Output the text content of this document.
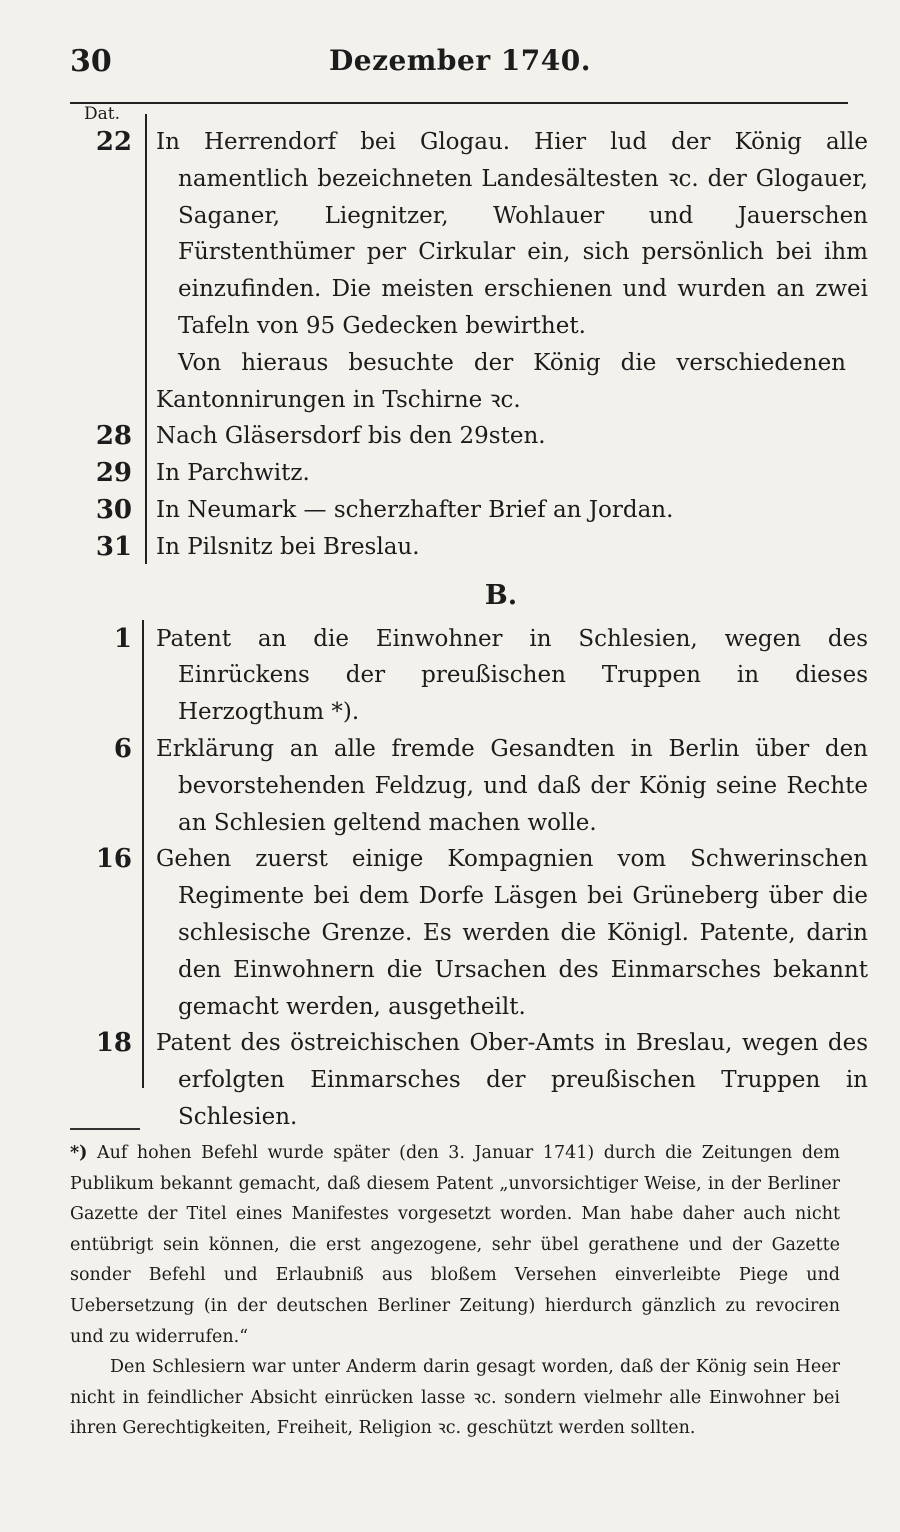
30	Dezember 1740.
Dat.
22 In Herrendorf bei Glogau. Hier lud der König alle namentlich bezeichneten Landesältesten ꝛc. der Glogauer, Saganer, Liegnitzer, Wohlauer und Jauerschen Fürstenthümer per Cirkular ein, sich persönlich bei ihm einzufinden. Die meisten erschienen und wurden an zwei Tafeln von 95 Gedecken bewirthet.
Von hieraus besuchte der König die verschiedenen Kantonnirungen in Tschirne ꝛc.
28 Nach Gläsersdorf bis den 29sten.
29 In Parchwitz.
30 In Neumark — scherzhafter Brief an Jordan.
31 In Pilsnitz bei Breslau.
B.
1 Patent an die Einwohner in Schlesien, wegen des Einrückens der preußischen Truppen in dieses Herzogthum *).
6 Erklärung an alle fremde Gesandten in Berlin über den bevorstehenden Feldzug, und daß der König seine Rechte an Schlesien geltend machen wolle.
16 Gehen zuerst einige Kompagnien vom Schwerinschen Regimente bei dem Dorfe Läsgen bei Grüneberg über die schlesische Grenze. Es werden die Königl. Patente, darin den Einwohnern die Ursachen des Einmarsches bekannt gemacht werden, ausgetheilt.
18 Patent des östreichischen Ober-Amts in Breslau, wegen des erfolgten Einmarsches der preußischen Truppen in Schlesien.

*) Auf hohen Befehl wurde später (den 3. Januar 1741) durch die Zeitungen dem Publikum bekannt gemacht, daß diesem Patent „unvorsichtiger Weise, in der Berliner Gazette der Titel eines Manifestes vorgesetzt worden. Man habe daher auch nicht entübrigt sein können, die erst angezogene, sehr übel gerathene und der Gazette sonder Befehl und Erlaubniß aus bloßem Versehen einverleibte Piege und Uebersetzung (in der deutschen Berliner Zeitung) hierdurch gänzlich zu revociren und zu widerrufen.“

Den Schlesiern war unter Anderm darin gesagt worden, daß der König sein Heer nicht in feindlicher Absicht einrücken lasse ꝛc. sondern vielmehr alle Einwohner bei ihren Gerechtigkeiten, Freiheit, Religion ꝛc. geschützt werden sollten.
